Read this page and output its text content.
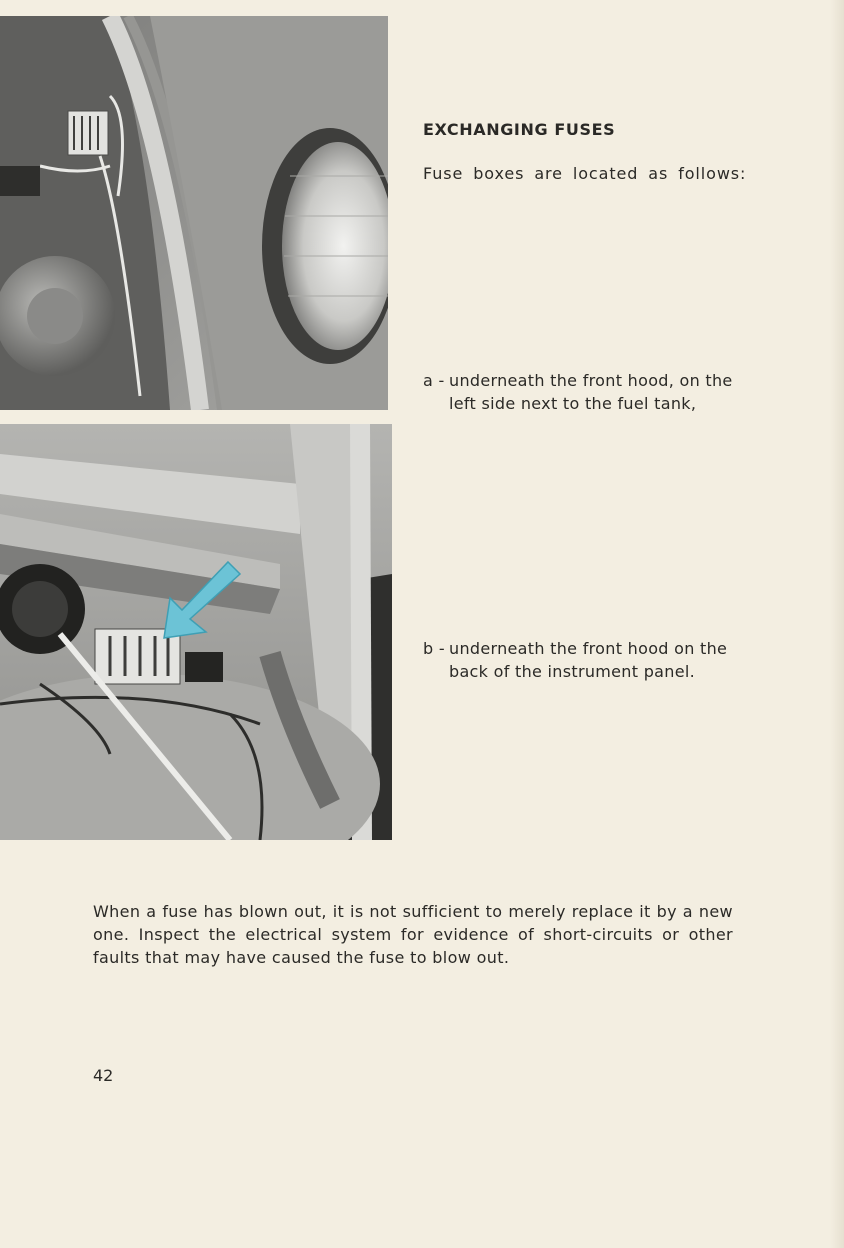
EXCHANGING FUSES
Fuse boxes are located as follows:
a - underneath the front hood, on the
left side next to the fuel tank,
b - underneath the front hood on the
back of the instrument panel.
When a fuse has blown out, it is not sufficient to merely replace it by a new one. Inspect the electrical system for evidence of short-circuits or other faults that may have caused the fuse to blow out.
42
